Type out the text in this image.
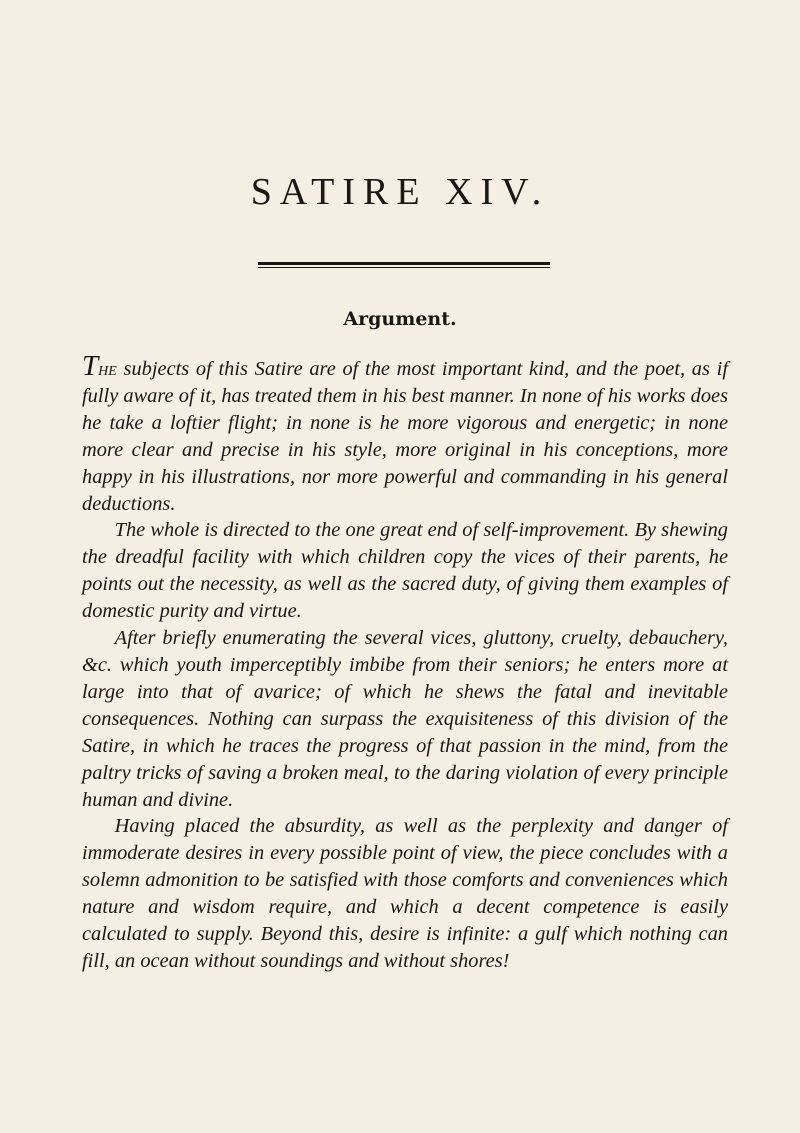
SATIRE XIV.
Argument.

The subjects of this Satire are of the most important kind, and the poet, as if fully aware of it, has treated them in his best manner. In none of his works does he take a loftier flight; in none is he more vigorous and energetic; in none more clear and precise in his style, more original in his conceptions, more happy in his illustrations, nor more powerful and commanding in his general deductions.

The whole is directed to the one great end of self-improvement. By shewing the dreadful facility with which children copy the vices of their parents, he points out the necessity, as well as the sacred duty, of giving them examples of domestic purity and virtue.

After briefly enumerating the several vices, gluttony, cruelty, debauchery, &c. which youth imperceptibly imbibe from their seniors; he enters more at large into that of avarice; of which he shews the fatal and inevitable consequences. Nothing can surpass the exquisiteness of this division of the Satire, in which he traces the progress of that passion in the mind, from the paltry tricks of saving a broken meal, to the daring violation of every principle human and divine.

Having placed the absurdity, as well as the perplexity and danger of immoderate desires in every possible point of view, the piece concludes with a solemn admonition to be satisfied with those comforts and conveniences which nature and wisdom require, and which a decent competence is easily calculated to supply. Beyond this, desire is infinite: a gulf which nothing can fill, an ocean without soundings and without shores!
